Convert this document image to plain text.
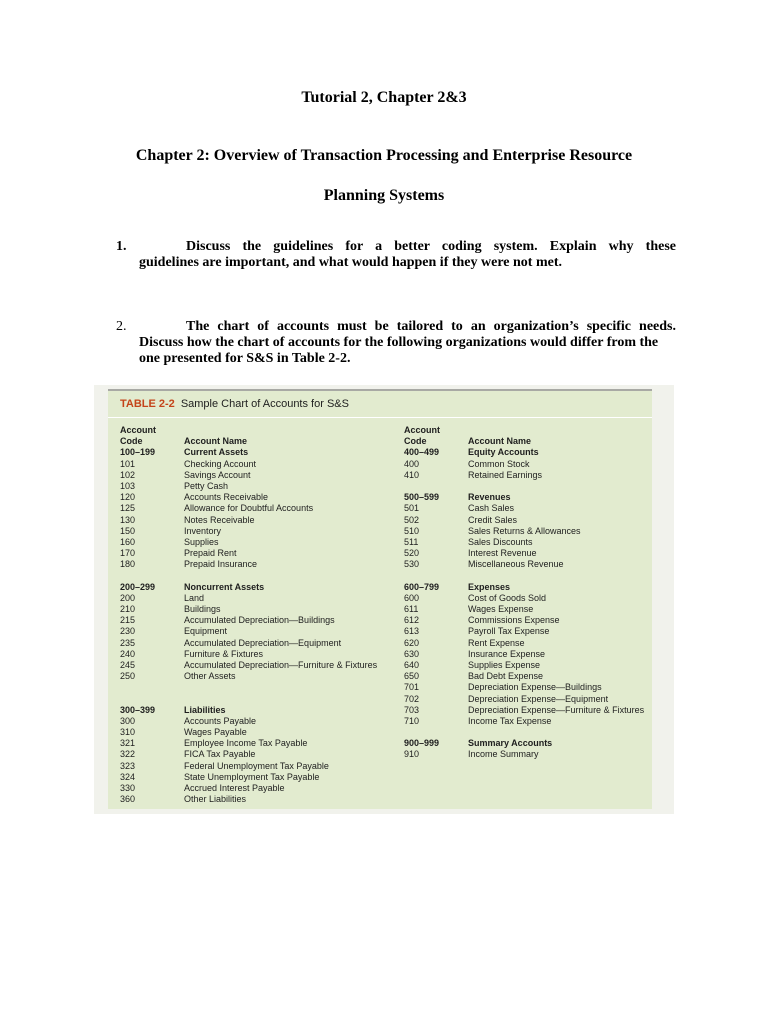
Tutorial 2, Chapter 2&3
Chapter 2: Overview of Transaction Processing and Enterprise Resource
Planning Systems
1.	Discuss the guidelines for a better coding system. Explain why these
guidelines are important, and what would happen if they were not met.
2.	The chart of accounts must be tailored to an organization’s specific needs.
Discuss how the chart of accounts for the following organizations would differ from the one presented for S&S in Table 2-2.
TABLE 2-2 Sample Chart of Accounts for S&S
Account
Code
100–199
101
102
103
120
125
130
150
160
170
180
200–299
200
210
215
230
235
240
245
250
300–399
300
310
321
322
323
324
330
360
Account Name
Current Assets
Checking Account
Savings Account
Petty Cash
Accounts Receivable
Allowance for Doubtful Accounts
Notes Receivable
Inventory
Supplies
Prepaid Rent
Prepaid Insurance
Noncurrent Assets
Land
Buildings
Accumulated Depreciation—Buildings
Equipment
Accumulated Depreciation—Equipment
Furniture & Fixtures
Accumulated Depreciation—Furniture & Fixtures
Other Assets
Liabilities
Accounts Payable
Wages Payable
Employee Income Tax Payable
FICA Tax Payable
Federal Unemployment Tax Payable
State Unemployment Tax Payable
Accrued Interest Payable
Other Liabilities
Account
Code
400–499
400
410
500–599
501
502
510
511
520
530
600–799
600
611
612
613
620
630
640
650
701
702
703
710
900–999
910
Account Name
Equity Accounts
Common Stock
Retained Earnings
Revenues
Cash Sales
Credit Sales
Sales Returns & Allowances
Sales Discounts
Interest Revenue
Miscellaneous Revenue
Expenses
Cost of Goods Sold
Wages Expense
Commissions Expense
Payroll Tax Expense
Rent Expense
Insurance Expense
Supplies Expense
Bad Debt Expense
Depreciation Expense—Buildings
Depreciation Expense—Equipment
Depreciation Expense—Furniture & Fixtures
Income Tax Expense
Summary Accounts
Income Summary
